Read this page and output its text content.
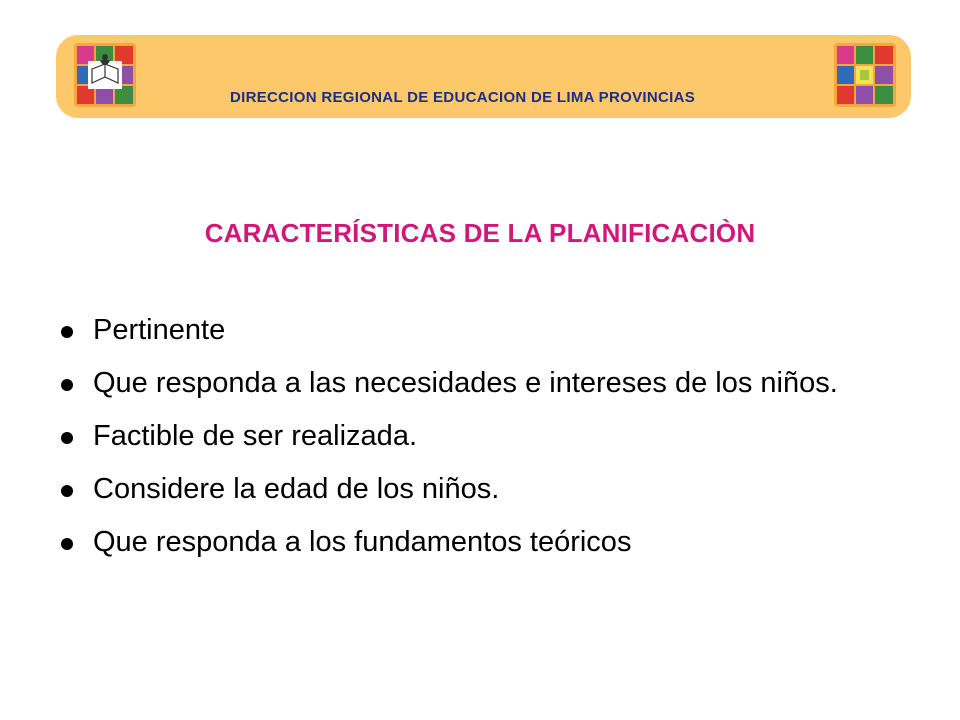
DIRECCION REGIONAL DE EDUCACION DE LIMA PROVINCIAS
CARACTERÍSTICAS DE LA PLANIFICACIÒN
Pertinente
Que responda a las necesidades e intereses de los niños.
Factible de ser realizada.
Considere la edad de los niños.
Que responda a los fundamentos teóricos
